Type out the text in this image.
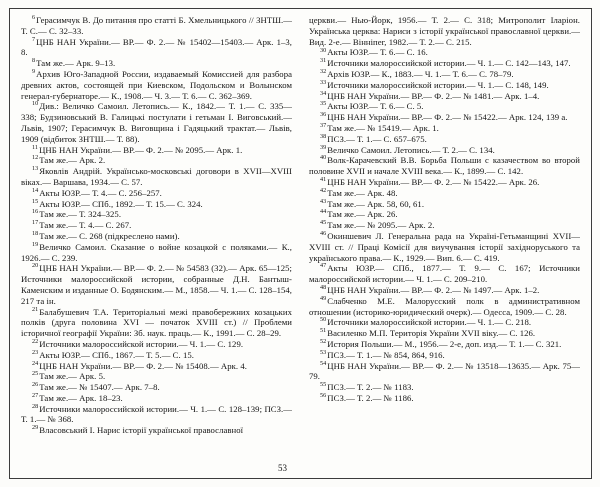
$^6$Герасимчук В. До питання про статті Б. Хмельницького // ЗНТШ.— Т. С.— С. 32–33.

$^7$ЦНБ НАН України.— ВР.— Ф. 2.— № 15402—15403.— Арк. 1–3, 8.

$^8$Там же.— Арк. 9–13.

$^9$Архив Юго-Западной России, издаваемый Комиссией для разбора древних актов, состоящей при Киевском, Подольском и Волынском генерал-губернаторе.— К., 1908.— Ч. 3.— Т. 6.— С. 362–369.

$^{10}$Див.: Величко Самоил. Летопись.— К., 1842.— Т. 1.— С. 335—338; Будзиновський В. Галицькі постулати і гетьман І. Виговський.— Львів, 1907; Герасимчук В. Виговщина і Гадяцький трактат.— Львів, 1909 (відбиток ЗНТШ.— Т. 88).

$^{11}$ЦНБ НАН України.— ВР.— Ф. 2.— № 2095.— Арк. 1.

$^{12}$Там же.— Арк. 2.

$^{13}$Яковлів Андрій. Українсько-московські договори в XVII—XVIII віках.— Варшава, 1934.— С. 57.

$^{14}$Акты ЮЗР.— Т. 4.— С. 256–257.

$^{15}$Акты ЮЗР.— СПб., 1892.— Т. 15.— С. 324.

$^{16}$Там же.— Т. 324–325.

$^{17}$Там же.— Т. 4.— С. 267.

$^{18}$Там же.— С. 268 (підкреслено нами).

$^{19}$Величко Самоил. Сказание о войне козацкой с поляками.— К., 1926.— С. 239.

$^{20}$ЦНБ НАН України.— ВР.— Ф. 2.— № 54583 (32).— Арк. 65—125; Источники малороссийской истории, собранные Д.Н. Бантыш-Каменским и изданные О. Бодянским.— М., 1858.— Ч. 1.— С. 128–154, 217 та ін.

$^{21}$Балабушевич Т.А. Територіальні межі правобережних козацьких полків (друга половина XVI — початок XVIII ст.) // Проблеми історичної географії України: Зб. наук. праць.— К., 1991.— С. 28–29.

$^{22}$Источники малороссийской истории.— Ч. 1.— С. 129.

$^{23}$Акты ЮЗР.— СПб., 1867.— Т. 5.— С. 15.

$^{24}$ЦНБ НАН України.— ВР.— Ф. 2.— № 15408.— Арк. 4.

$^{25}$Там же.— Арк. 5.

$^{26}$Там же.— № 15407.— Арк. 7–8.

$^{27}$Там же.— Арк. 18–23.

$^{28}$Источники малороссийской истории.— Ч. 1.— С. 128–139; ПСЗ.— Т. 1.— № 368.

$^{29}$Власовський І. Нарис історії української православної

53

церкви.— Нью-Йорк, 1956.— Т. 2.— С. 318; Митрополит Іларіон. Українська церква: Нариси з історії української православної церкви.— Вид. 2-е.— Вінніпег, 1982.— Т. 2.— С. 215.

$^{30}$Акты ЮЗР.— Т. 6.— С. 16.

$^{31}$Источники малороссийской истории.— Ч. 1.— С. 142—143, 147.

$^{32}$Архів ЮЗР.— К., 1883.— Ч. 1.— Т. 6.— С. 78–79.

$^{33}$Источники малороссийской истории.— Ч. 1.— С. 148, 149.

$^{34}$ЦНБ НАН України.— ВР.— Ф. 2.— № 1481.— Арк. 1–4.

$^{35}$Акты ЮЗР.— Т. 6.— С. 5.

$^{36}$ЦНБ НАН України.— ВР.— Ф. 2.— № 15422.— Арк. 124, 139 а.

$^{37}$Там же.— № 15419.— Арк. 1.

$^{38}$ПСЗ.— Т. 1.— С. 657–675.

$^{39}$Величко Самоил. Летопись.— Т. 2.— С. 134.

$^{40}$Волк-Карачевский В.В. Борьба Польши с казачеством во второй половине XVII и начале XVIII века.— К., 1899.— С. 142.

$^{41}$ЦНБ НАН України.— ВР.— Ф. 2.— № 15422.— Арк. 26.

$^{42}$Там же.— Арк. 48.

$^{43}$Там же.— Арк. 58, 60, 61.

$^{44}$Там же.— Арк. 26.

$^{45}$Там же.— № 2095.— Арк. 2.

$^{46}$Окиншевич Л. Генеральна рада на Україні-Гетьманщині XVII—XVIII ст. // Праці Комісії для виучування історії західноруського та українського права.— К., 1929.— Вип. 6.— С. 419.

$^{47}$Акты ЮЗР.— СПб., 1877.— Т. 9.— С. 167; Источники малороссийской истории.— Ч. 1.— С. 209–210.

$^{48}$ЦНБ НАН України.— ВР.— Ф. 2.— № 1497.— Арк. 1–2.

$^{49}$Слабченко М.Е. Малорусский полк в административном отношении (историко-юридический очерк).— Одесса, 1909.— С. 28.

$^{50}$Источники малороссийской истории.— Ч. 1.— С. 218.

$^{51}$Василенко М.П. Територія України XVII віку.— С. 126.

$^{52}$История Польши.— М., 1956.— 2-е, доп. изд.— Т. 1.— С. 321.

$^{53}$ПСЗ.— Т. 1.— № 854, 864, 916.

$^{54}$ЦНБ НАН України.— ВР.— Ф. 2.— № 13518—13635.— Арк. 75—79.

$^{55}$ПСЗ.— Т. 2.— № 1183.

$^{56}$ПСЗ.— Т. 2.— № 1186.
